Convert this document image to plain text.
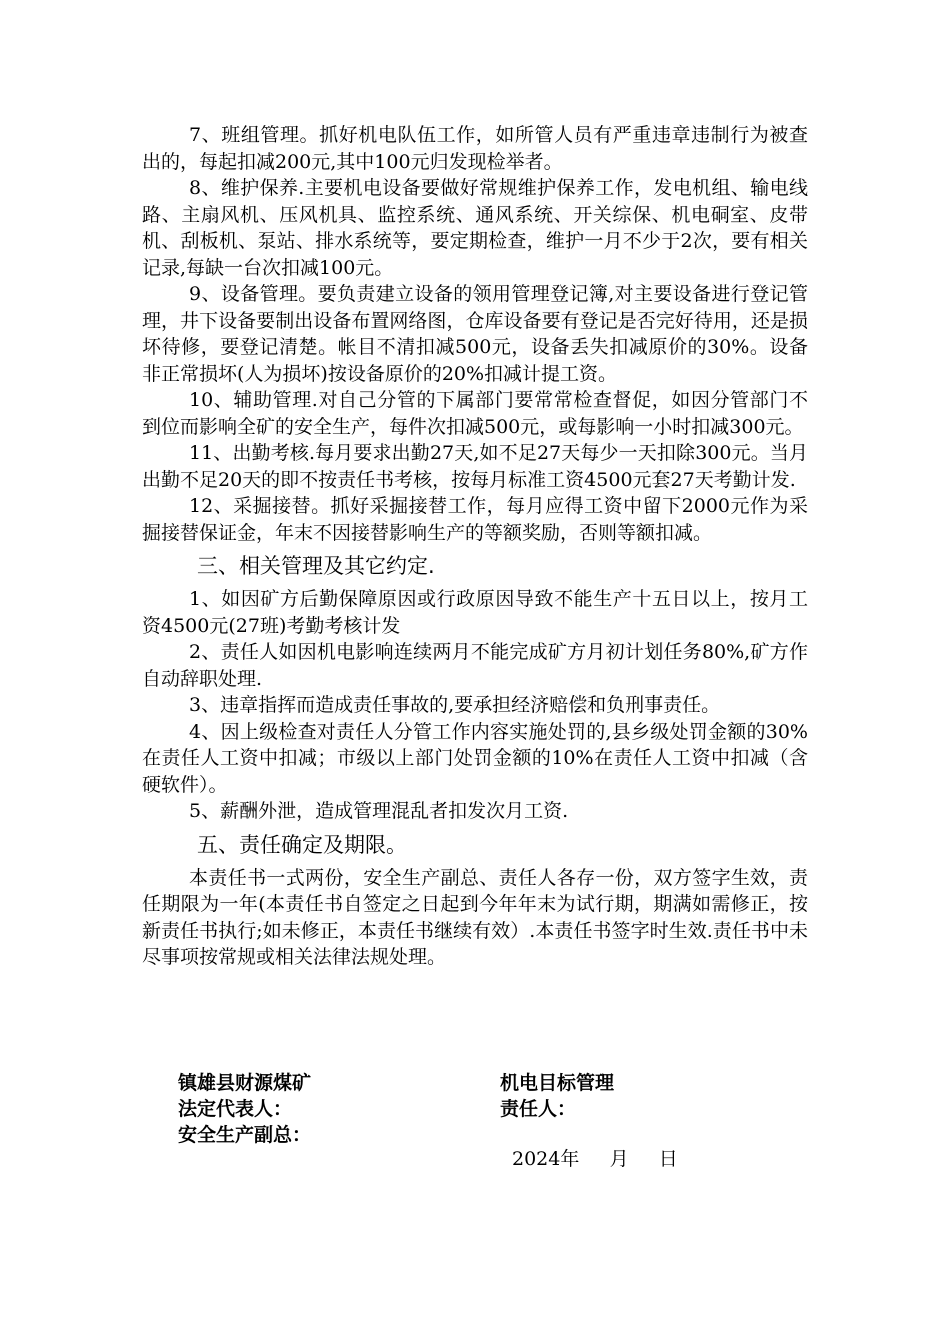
7、班组管理。抓好机电队伍工作，如所管人员有严重违章违制行为被查出的，每起扣减200元,其中100元归发现检举者。

8、维护保养.主要机电设备要做好常规维护保养工作，发电机组、输电线路、主扇风机、压风机具、监控系统、通风系统、开关综保、机电硐室、皮带机、刮板机、泵站、排水系统等，要定期检查，维护一月不少于2次，要有相关记录,每缺一台次扣减100元。

9、设备管理。要负责建立设备的领用管理登记簿,对主要设备进行登记管理，井下设备要制出设备布置网络图，仓库设备要有登记是否完好待用，还是损坏待修，要登记清楚。帐目不清扣减500元，设备丢失扣减原价的30%。设备非正常损坏(人为损坏)按设备原价的20%扣减计提工资。

10、辅助管理.对自己分管的下属部门要常常检查督促，如因分管部门不到位而影响全矿的安全生产，每件次扣减500元，或每影响一小时扣减300元。

11、出勤考核.每月要求出勤27天,如不足27天每少一天扣除300元。当月出勤不足20天的即不按责任书考核，按每月标准工资4500元套27天考勤计发.

12、采掘接替。抓好采掘接替工作，每月应得工资中留下2000元作为采掘接替保证金，年末不因接替影响生产的等额奖励，否则等额扣减。

三、相关管理及其它约定.

1、如因矿方后勤保障原因或行政原因导致不能生产十五日以上，按月工资4500元(27班)考勤考核计发

2、责任人如因机电影响连续两月不能完成矿方月初计划任务80%,矿方作自动辞职处理.

3、违章指挥而造成责任事故的,要承担经济赔偿和负刑事责任。

4、因上级检查对责任人分管工作内容实施处罚的,县乡级处罚金额的30%在责任人工资中扣减；市级以上部门处罚金额的10%在责任人工资中扣减（含硬软件）。

5、薪酬外泄，造成管理混乱者扣发次月工资.

五、责任确定及期限。

本责任书一式两份，安全生产副总、责任人各存一份，双方签字生效，责任期限为一年(本责任书自签定之日起到今年年末为试行期，期满如需修正，按新责任书执行;如未修正，本责任书继续有效）.本责任书签字时生效.责任书中未尽事项按常规或相关法律法规处理。

镇雄县财源煤矿	机电目标管理
法定代表人：	责任人：
安全生产副总：
2024年 月 日
